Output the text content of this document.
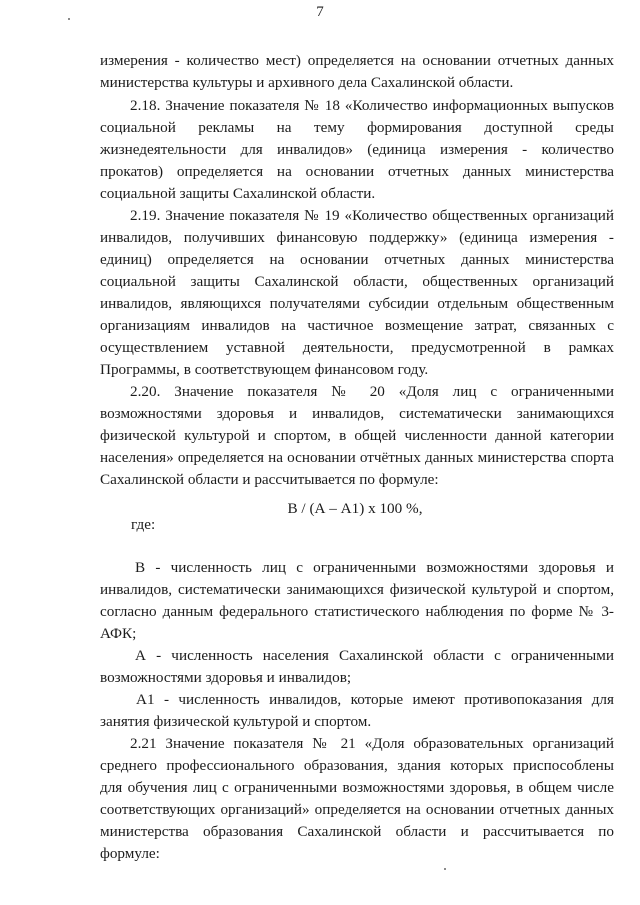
7
измерения - количество мест) определяется на основании отчетных данных
министерства культуры и архивного дела Сахалинской области.
2.18. Значение показателя № 18 «Количество информационных выпусков
социальной рекламы на тему формирования доступной среды
жизнедеятельности для инвалидов» (единица измерения - количество
прокатов) определяется на основании отчетных данных министерства
социальной защиты Сахалинской области.
2.19. Значение показателя № 19 «Количество общественных организаций
инвалидов, получивших финансовую поддержку» (единица измерения -
единиц) определяется на основании отчетных данных министерства
социальной защиты Сахалинской области, общественных организаций
инвалидов, являющихся получателями субсидии отдельным общественным
организациям инвалидов на частичное возмещение затрат, связанных с
осуществлением уставной деятельности, предусмотренной в рамках
Программы, в соответствующем финансовом году.
2.20. Значение показателя № 20 «Доля лиц с ограниченными
возможностями здоровья и инвалидов, систематически занимающихся
физической культурой и спортом, в общей численности данной категории
населения» определяется на основании отчётных данных министерства спорта
Сахалинской области и рассчитывается по формуле:
В / (А – А1) х 100 %,
где:
В - численность лиц с ограниченными возможностями здоровья и
инвалидов, систематически занимающихся физической культурой и спортом,
согласно данным федерального статистического наблюдения по форме № 3-
АФК;
А - численность населения Сахалинской области с ограниченными
возможностями здоровья и инвалидов;
А1 - численность инвалидов, которые имеют противопоказания для
занятия физической культурой и спортом.
2.21 Значение показателя № 21 «Доля образовательных организаций
среднего профессионального образования, здания которых приспособлены
для обучения лиц с ограниченными возможностями здоровья, в общем числе
соответствующих организаций» определяется на основании отчетных данных
министерства образования Сахалинской области и рассчитывается по
формуле:
